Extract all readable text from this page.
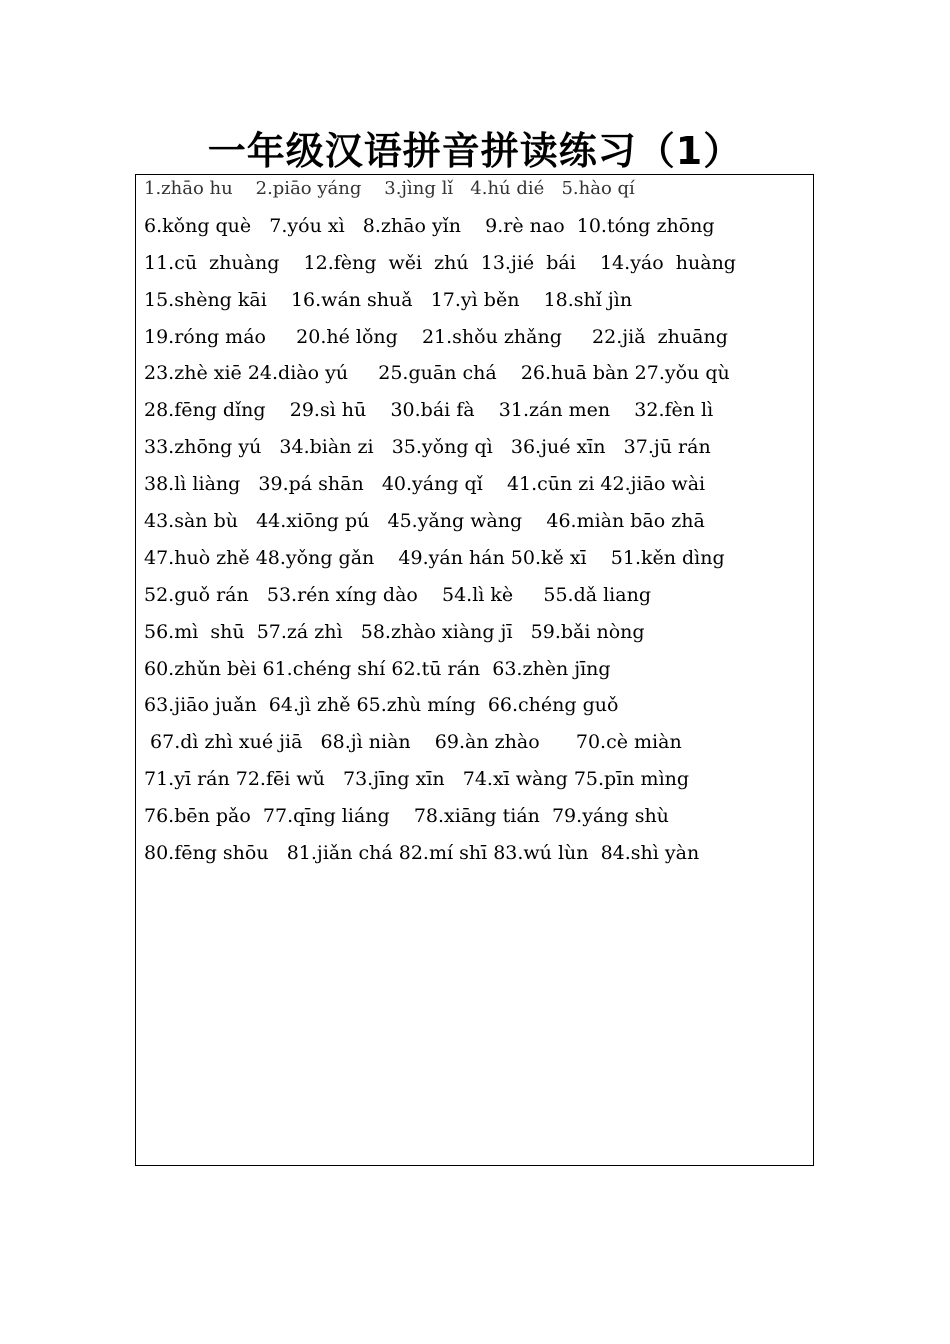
一年级汉语拼音拼读练习（1）
1.zhāo hu    2.piāo yáng    3.jìng lǐ   4.hú dié   5.hào qí
6.kǒng què   7.yóu xì   8.zhāo yǐn    9.rè nao  10.tóng zhōng
11.cū  zhuàng    12.fèng  wěi  zhú  13.jié  bái    14.yáo  huàng
15.shèng kāi    16.wán shuǎ   17.yì běn    18.shǐ jìn
19.róng máo     20.hé lǒng    21.shǒu zhǎng     22.jiǎ  zhuāng
23.zhè xiē 24.diào yú     25.guān chá    26.huā bàn 27.yǒu qù
28.fēng dǐng    29.sì hū    30.bái fà    31.zán men    32.fèn lì
33.zhōng yú   34.biàn zi   35.yǒng qì   36.jué xīn   37.jū rán
38.lì liàng   39.pá shān   40.yáng qǐ    41.cūn zi 42.jiāo wài
43.sàn bù   44.xiōng pú   45.yǎng wàng    46.miàn bāo zhā
47.huò zhě 48.yǒng gǎn    49.yán hán 50.kě xī    51.kěn dìng
52.guǒ rán   53.rén xíng dào    54.lì kè     55.dǎ liang
56.mì  shū  57.zá zhì   58.zhào xiàng jī   59.bǎi nòng
60.zhǔn bèi 61.chéng shí 62.tū rán  63.zhèn jīng
63.jiāo juǎn  64.jì zhě 65.zhù míng  66.chéng guǒ
67.dì zhì xué jiā   68.jì niàn    69.àn zhào      70.cè miàn
71.yī rán 72.fēi wǔ   73.jīng xīn   74.xī wàng 75.pīn mìng
76.bēn pǎo  77.qīng liáng    78.xiāng tián  79.yáng shù
80.fēng shōu   81.jiǎn chá 82.mí shī 83.wú lùn  84.shì yàn
